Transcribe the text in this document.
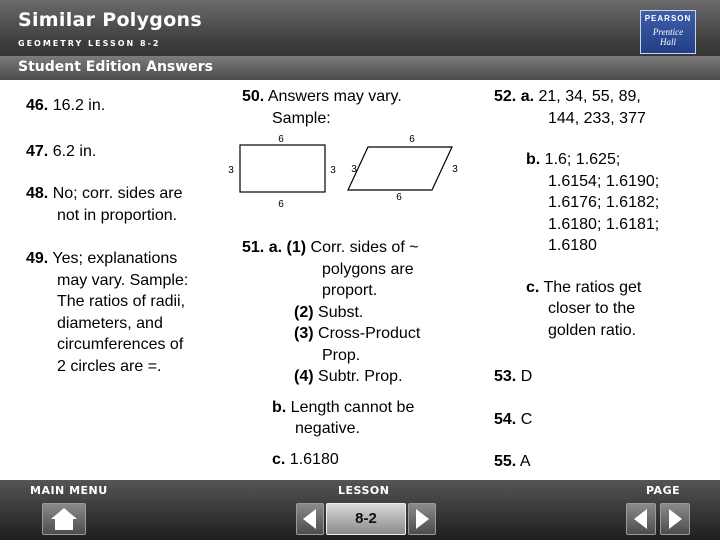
Similar Polygons
GEOMETRY LESSON 8-2
PEARSON
Prentice
Hall
Student Edition Answers
46. 16.2 in.
47. 6.2 in.
48. No; corr. sides are
not in proportion.
49. Yes; explanations
may vary. Sample:
The ratios of radii,
diameters, and
circumferences of
2 circles are =.
50. Answers may vary.
Sample:
6
6
3	3
6
6
3	3
51. a. (1) Corr. sides of ~
polygons are
proport.
(2) Subst.
(3) Cross-Product
Prop.
(4) Subtr. Prop.
b. Length cannot be
negative.
c. 1.6180
52. a. 21, 34, 55, 89,
144, 233, 377
b. 1.6; 1.625;
1.6154; 1.6190;
1.6176; 1.6182;
1.6180; 1.6181;
1.6180
c. The ratios get
closer to the
golden ratio.
53. D
54. C
55. A
MAIN MENU	LESSON	PAGE
8-2
